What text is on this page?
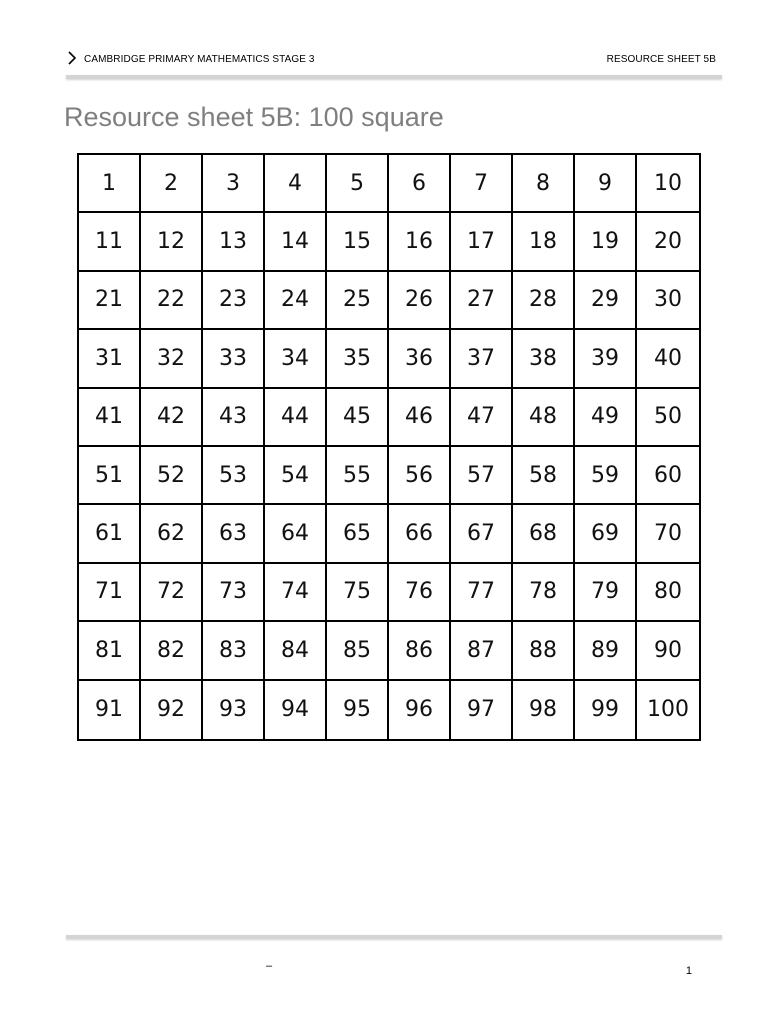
CAMBRIDGE PRIMARY MATHEMATICS STAGE 3	RESOURCE SHEET 5B
Resource sheet 5B: 100 square
1	2	3	4	5	6	7	8	9	10
11	12	13	14	15	16	17	18	19	20
21	22	23	24	25	26	27	28	29	30
31	32	33	34	35	36	37	38	39	40
41	42	43	44	45	46	47	48	49	50
51	52	53	54	55	56	57	58	59	60
61	62	63	64	65	66	67	68	69	70
71	72	73	74	75	76	77	78	79	80
81	82	83	84	85	86	87	88	89	90
91	92	93	94	95	96	97	98	99	100
–	1
